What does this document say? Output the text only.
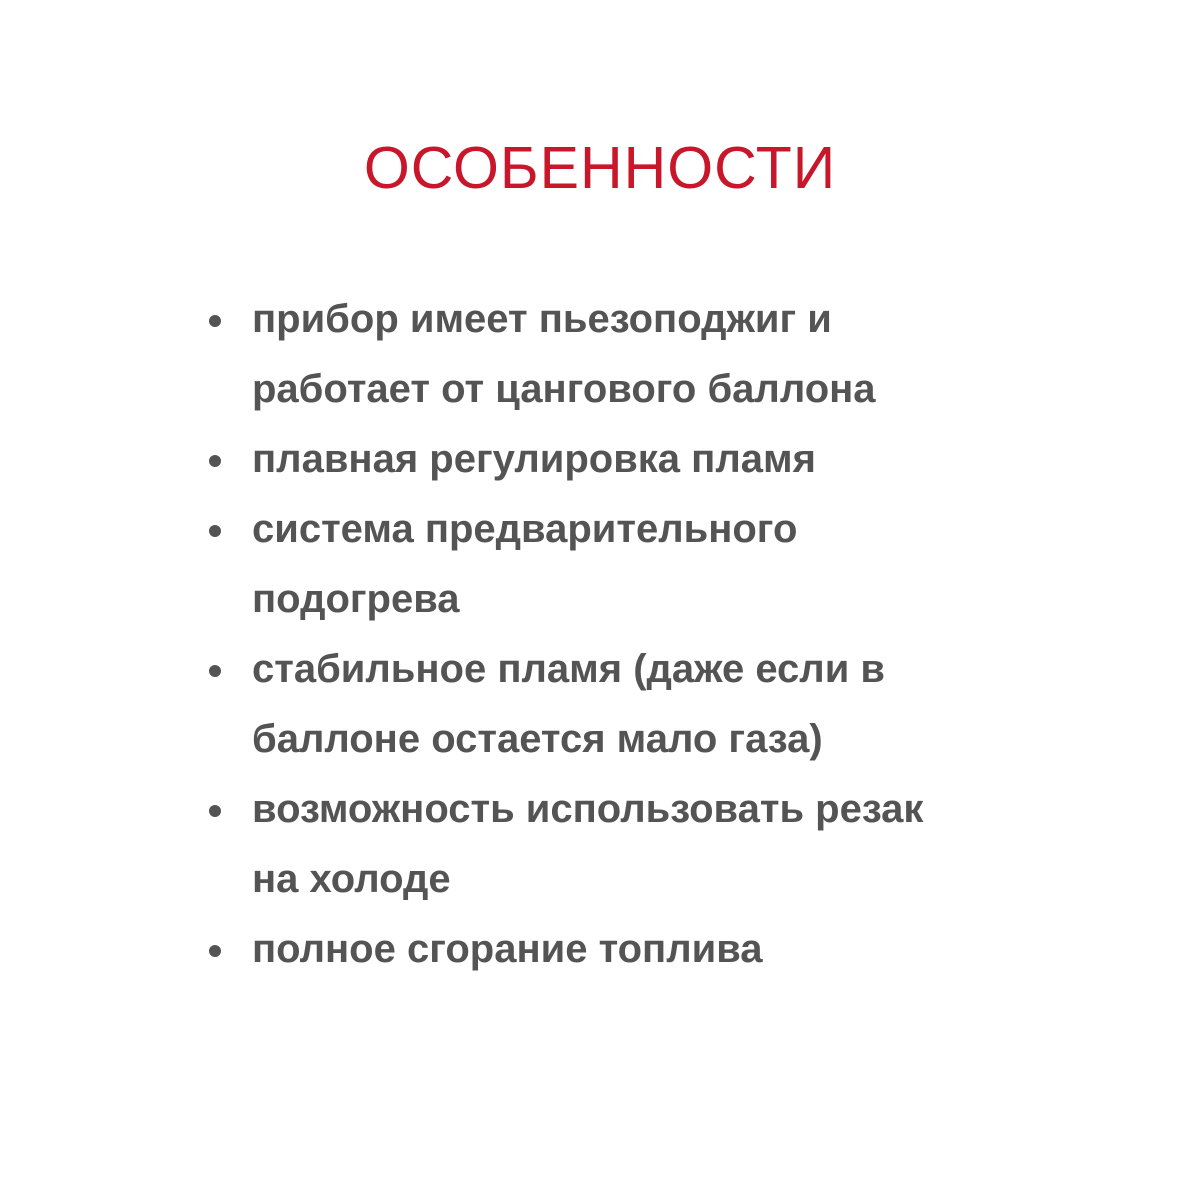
ОСОБЕННОСТИ
прибор имеет пьезоподжиг и
работает от цангового баллона
плавная регулировка пламя
система предварительного
подогрева
стабильное пламя (даже если в
баллоне остается мало газа)
возможность использовать резак
на холоде
полное сгорание топлива
